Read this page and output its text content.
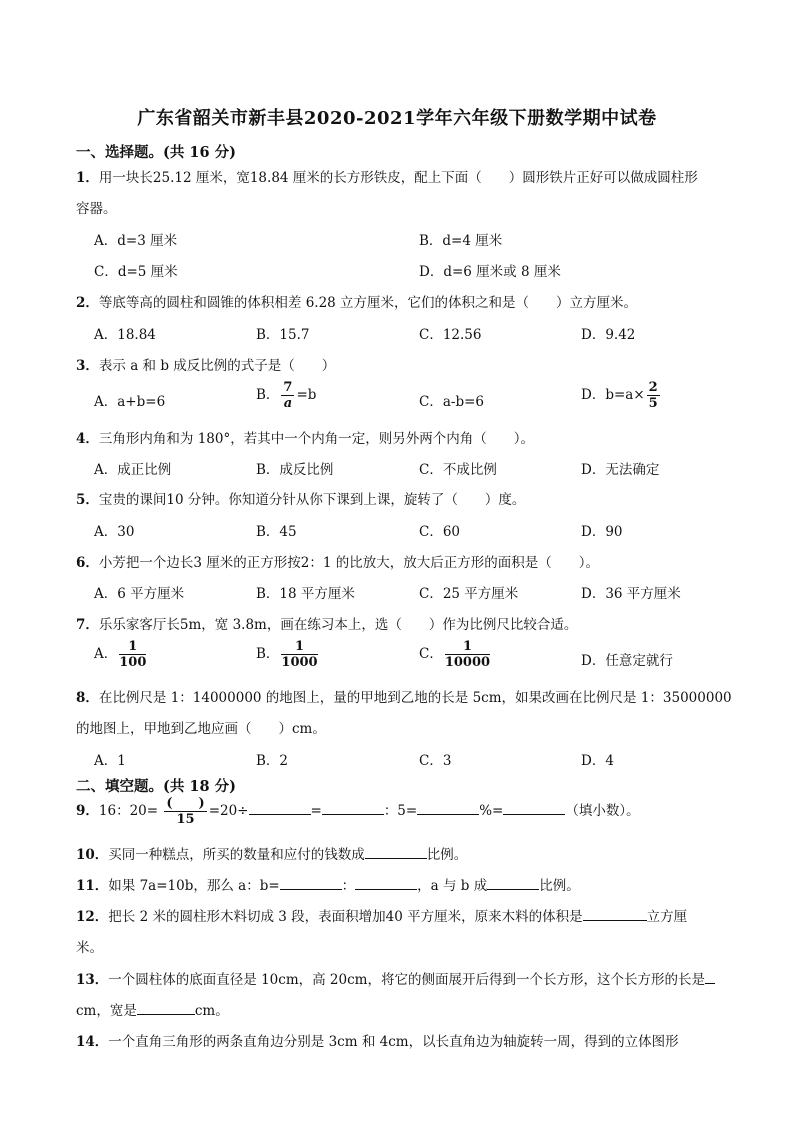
广东省韶关市新丰县2020-2021学年六年级下册数学期中试卷
一、选择题。(共 16 分)
1．用一块长25.12 厘米，宽18.84 厘米的长方形铁皮，配上下面（　　）圆形铁片正好可以做成圆柱形
容器。
A．d=3 厘米	B．d=4 厘米
C．d=5 厘米	D．d=6 厘米或 8 厘米
2．等底等高的圆柱和圆锥的体积相差 6.28 立方厘米，它们的体积之和是（　　）立方厘米。
A．18.84	B．15.7	C．12.56	D．9.42
3．表示 a 和 b 成反比例的式子是（　　）
A．a+b=6	B． $\frac{7}{a} =b$	C．a-b=6	D．$b=a\times \frac{2}{5}$
4．三角形内角和为 180°，若其中一个内角一定，则另外两个内角（　　）。
A．成正比例	B．成反比例	C．不成比例	D．无法确定
5．宝贵的课间10 分钟。你知道分针从你下课到上课，旋转了（　　）度。
A．30	B．45	C．60	D．90
6．小芳把一个边长3 厘米的正方形按2：1 的比放大，放大后正方形的面积是（　　）。
A．6 平方厘米	B．18 平方厘米	C．25 平方厘米	D．36 平方厘米
7．乐乐家客厅长5m，宽 3.8m，画在练习本上，选（　　）作为比例尺比较合适。
A． $\frac{1}{100}$	B． $\frac{1}{1000}$	C． $\frac{1}{10000}$	D．任意定就行
8．在比例尺是 1：14000000 的地图上，量的甲地到乙地的长是 5cm，如果改画在比例尺是 1：35000000
的地图上，甲地到乙地应画（　　）cm。
A．1	B．2	C．3	D．4
二、填空题。(共 18 分)
9．16：$20= \frac{( )}{15} =20\div$	=	：5=	%=	（填小数）。
10．买同一种糕点，所买的数量和应付的钱数成	比例。
11．如果 7a=10b，那么 a：b=	：	，a 与 b 成	比例。
12．把长 2 米的圆柱形木料切成 3 段，表面积增加40 平方厘米，原来木料的体积是	立方厘
米。
13．一个圆柱体的底面直径是 10cm，高 20cm，将它的侧面展开后得到一个长方形，这个长方形的长是
cm，宽是	cm。
14．一个直角三角形的两条直角边分别是 3cm 和 4cm，以长直角边为轴旋转一周，得到的立体图形
